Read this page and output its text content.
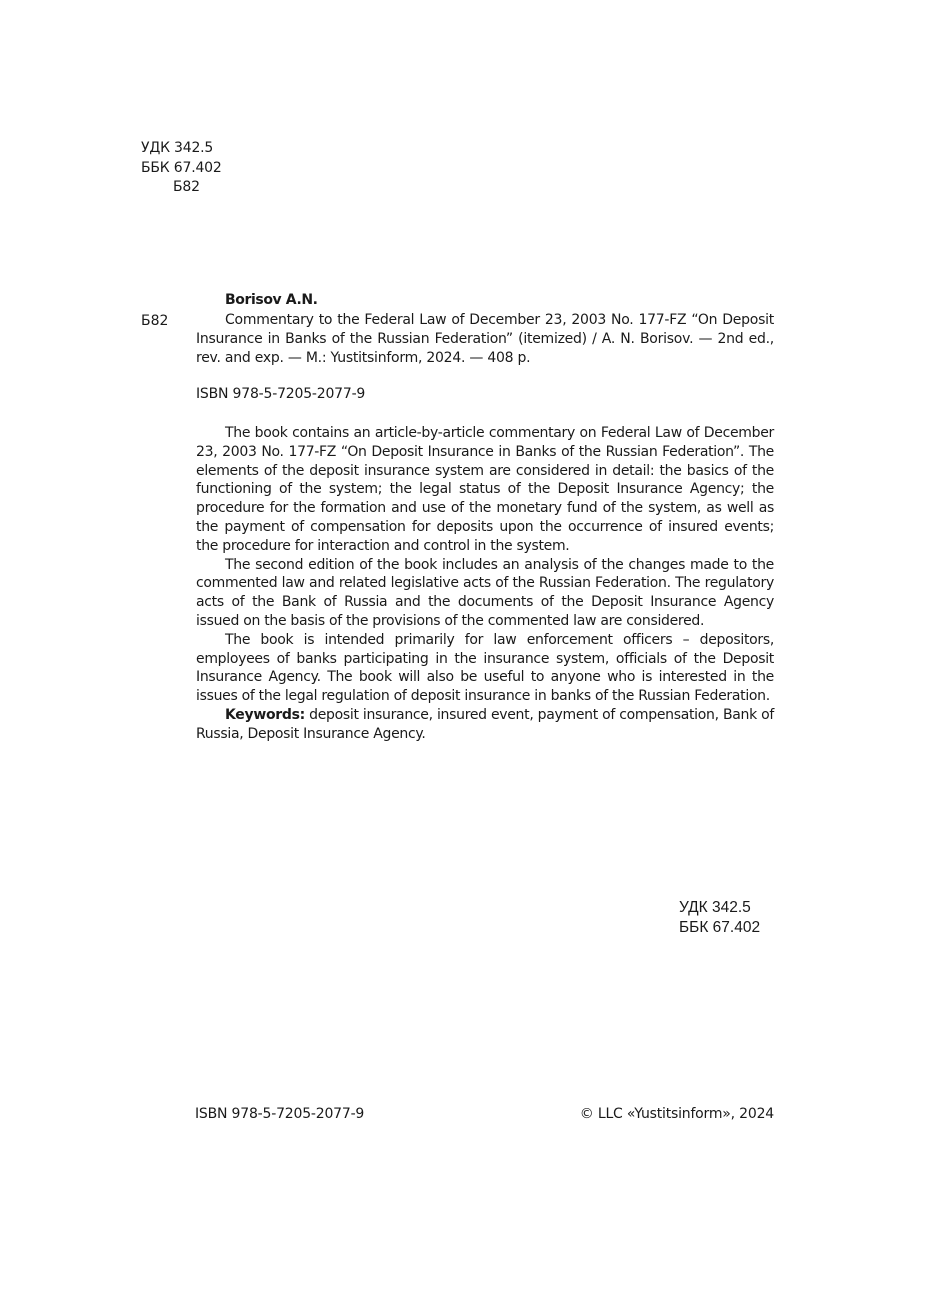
УДК 342.5
ББК 67.402
Б82
Borisov A.N.
Б82	Commentary to the Federal Law of December 23, 2003 No. 177-FZ “On Deposit Insurance in Banks of the Russian Federation” (itemized) / A. N. Borisov. — 2nd ed., rev. and exp. — M.: Yustitsinform, 2024. — 408 p.
ISBN 978-5-7205-2077-9

The book contains an article-by-article commentary on Federal Law of December 23, 2003 No. 177-FZ “On Deposit Insurance in Banks of the Russian Federation”. The elements of the deposit insurance system are considered in detail: the basics of the functioning of the system; the legal status of the Deposit Insurance Agency; the procedure for the formation and use of the monetary fund of the system, as well as the payment of compensation for deposits upon the occurrence of insured events; the procedure for interaction and control in the system.

The second edition of the book includes an analysis of the changes made to the commented law and related legislative acts of the Russian Federation. The regulatory acts of the Bank of Russia and the documents of the Deposit Insurance Agency issued on the basis of the provisions of the commented law are considered.

The book is intended primarily for law enforcement officers – depositors, employees of banks participating in the insurance system, officials of the Deposit Insurance Agency. The book will also be useful to anyone who is interested in the issues of the legal regulation of deposit insurance in banks of the Russian Federation.

Keywords: deposit insurance, insured event, payment of compensation, Bank of Russia, Deposit Insurance Agency.

УДК 342.5
ББК 67.402
ISBN 978-5-7205-2077-9	© LLC «Yustitsinform», 2024
